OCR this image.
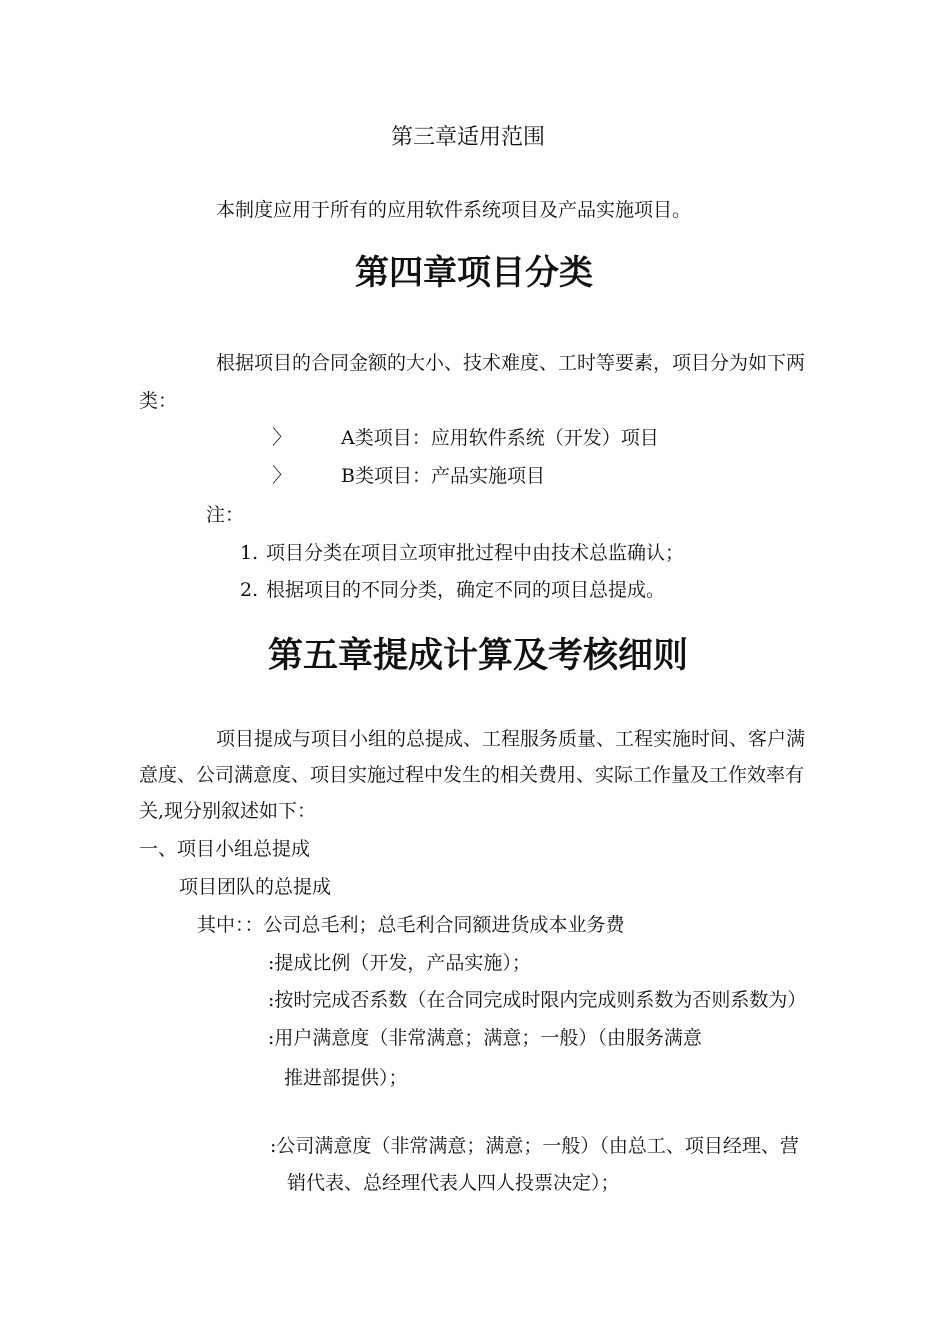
第三章适用范围
本制度应用于所有的应用软件系统项目及产品实施项目。
第四章项目分类
根据项目的合同金额的大小、技术难度、工时等要素，项目分为如下两
类：
〉	A类项目：应用软件系统（开发）项目
〉	B类项目：产品实施项目
注：
1. 项目分类在项目立项审批过程中由技术总监确认；
2. 根据项目的不同分类，确定不同的项目总提成。
第五章提成计算及考核细则
项目提成与项目小组的总提成、工程服务质量、工程实施时间、客户满
意度、公司满意度、项目实施过程中发生的相关费用、实际工作量及工作效率有
关,现分别叙述如下：
一、项目小组总提成
项目团队的总提成
其中：：公司总毛利；总毛利合同额进货成本业务费
:提成比例（开发，产品实施）；
:按时完成否系数（在合同完成时限内完成则系数为否则系数为）
:用户满意度（非常满意；满意；一般）（由服务满意
推进部提供）；
:公司满意度（非常满意；满意；一般）（由总工、项目经理、营
销代表、总经理代表人四人投票决定）；
